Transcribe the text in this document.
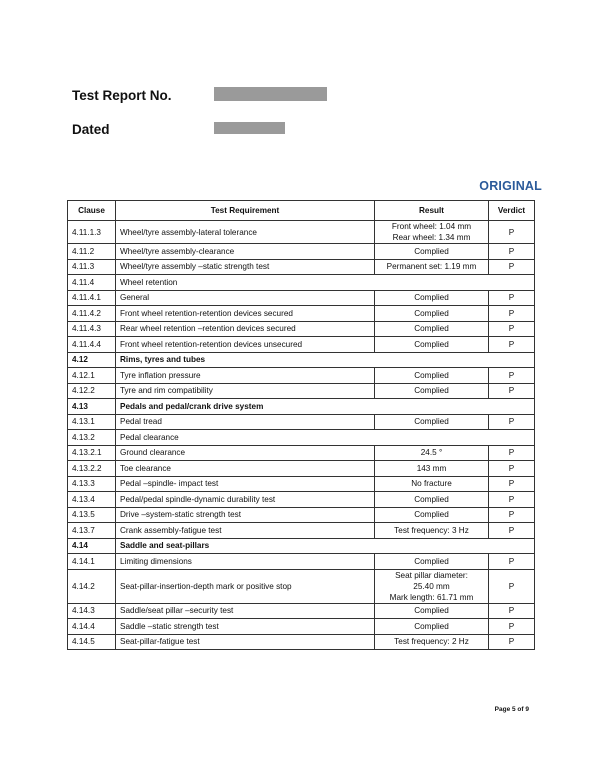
Test Report No.
Dated
ORIGINAL
Clause	Test Requirement	Result	Verdict
4.11.1.3	Wheel/tyre assembly-lateral tolerance	Front wheel: 1.04 mm
Rear wheel: 1.34 mm	P
4.11.2	Wheel/tyre assembly-clearance	Complied	P
4.11.3	Wheel/tyre assembly –static strength test	Permanent set: 1.19 mm	P
4.11.4	Wheel retention		
4.11.4.1	General	Complied	P
4.11.4.2	Front wheel retention-retention devices secured	Complied	P
4.11.4.3	Rear wheel retention –retention devices secured	Complied	P
4.11.4.4	Front wheel retention-retention devices unsecured	Complied	P
4.12	Rims, tyres and tubes		
4.12.1	Tyre inflation pressure	Complied	P
4.12.2	Tyre and rim compatibility	Complied	P
4.13	Pedals and pedal/crank drive system		
4.13.1	Pedal tread	Complied	P
4.13.2	Pedal clearance		
4.13.2.1	Ground clearance	24.5 °	P
4.13.2.2	Toe clearance	143 mm	P
4.13.3	Pedal –spindle- impact test	No fracture	P
4.13.4	Pedal/pedal spindle-dynamic durability test	Complied	P
4.13.5	Drive –system-static strength test	Complied	P
4.13.7	Crank assembly-fatigue test	Test frequency: 3 Hz	P
4.14	Saddle and seat-pillars		
4.14.1	Limiting dimensions	Complied	P
4.14.2	Seat-pillar-insertion-depth mark or positive stop	Seat pillar diameter:
25.40 mm
Mark length: 61.71 mm	P
4.14.3	Saddle/seat pillar –security test	Complied	P
4.14.4	Saddle –static strength test	Complied	P
4.14.5	Seat-pillar-fatigue test	Test frequency: 2 Hz	P
Page 5 of 9
